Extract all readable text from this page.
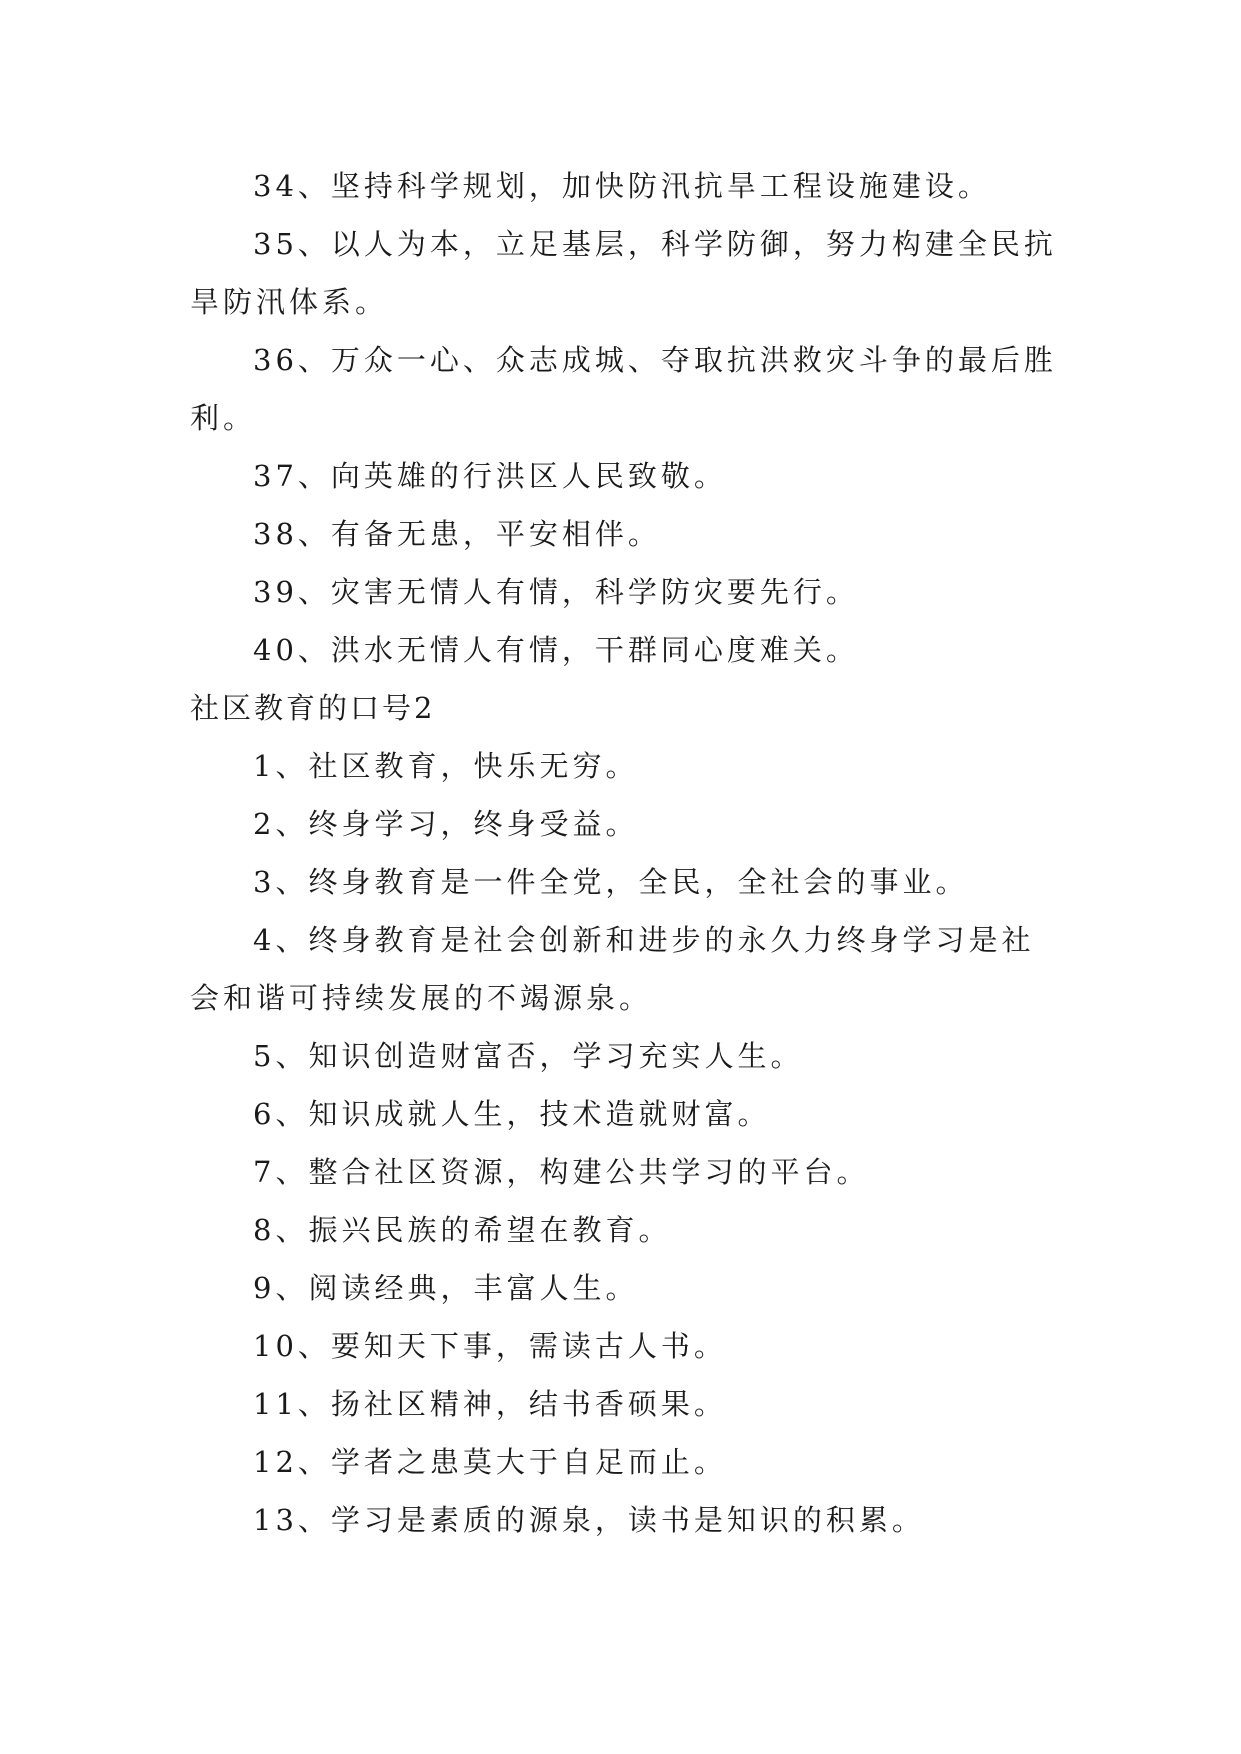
34、坚持科学规划，加快防汛抗旱工程设施建设。
35、以人为本，立足基层，科学防御，努力构建全民抗
旱防汛体系。
36、万众一心、众志成城、夺取抗洪救灾斗争的最后胜
利。
37、向英雄的行洪区人民致敬。
38、有备无患，平安相伴。
39、灾害无情人有情，科学防灾要先行。
40、洪水无情人有情，干群同心度难关。
社区教育的口号2
1、社区教育，快乐无穷。
2、终身学习，终身受益。
3、终身教育是一件全党，全民，全社会的事业。
4、终身教育是社会创新和进步的永久力终身学习是社
会和谐可持续发展的不竭源泉。
5、知识创造财富否，学习充实人生。
6、知识成就人生，技术造就财富。
7、整合社区资源，构建公共学习的平台。
8、振兴民族的希望在教育。
9、阅读经典，丰富人生。
10、要知天下事，需读古人书。
11、扬社区精神，结书香硕果。
12、学者之患莫大于自足而止。
13、学习是素质的源泉，读书是知识的积累。
